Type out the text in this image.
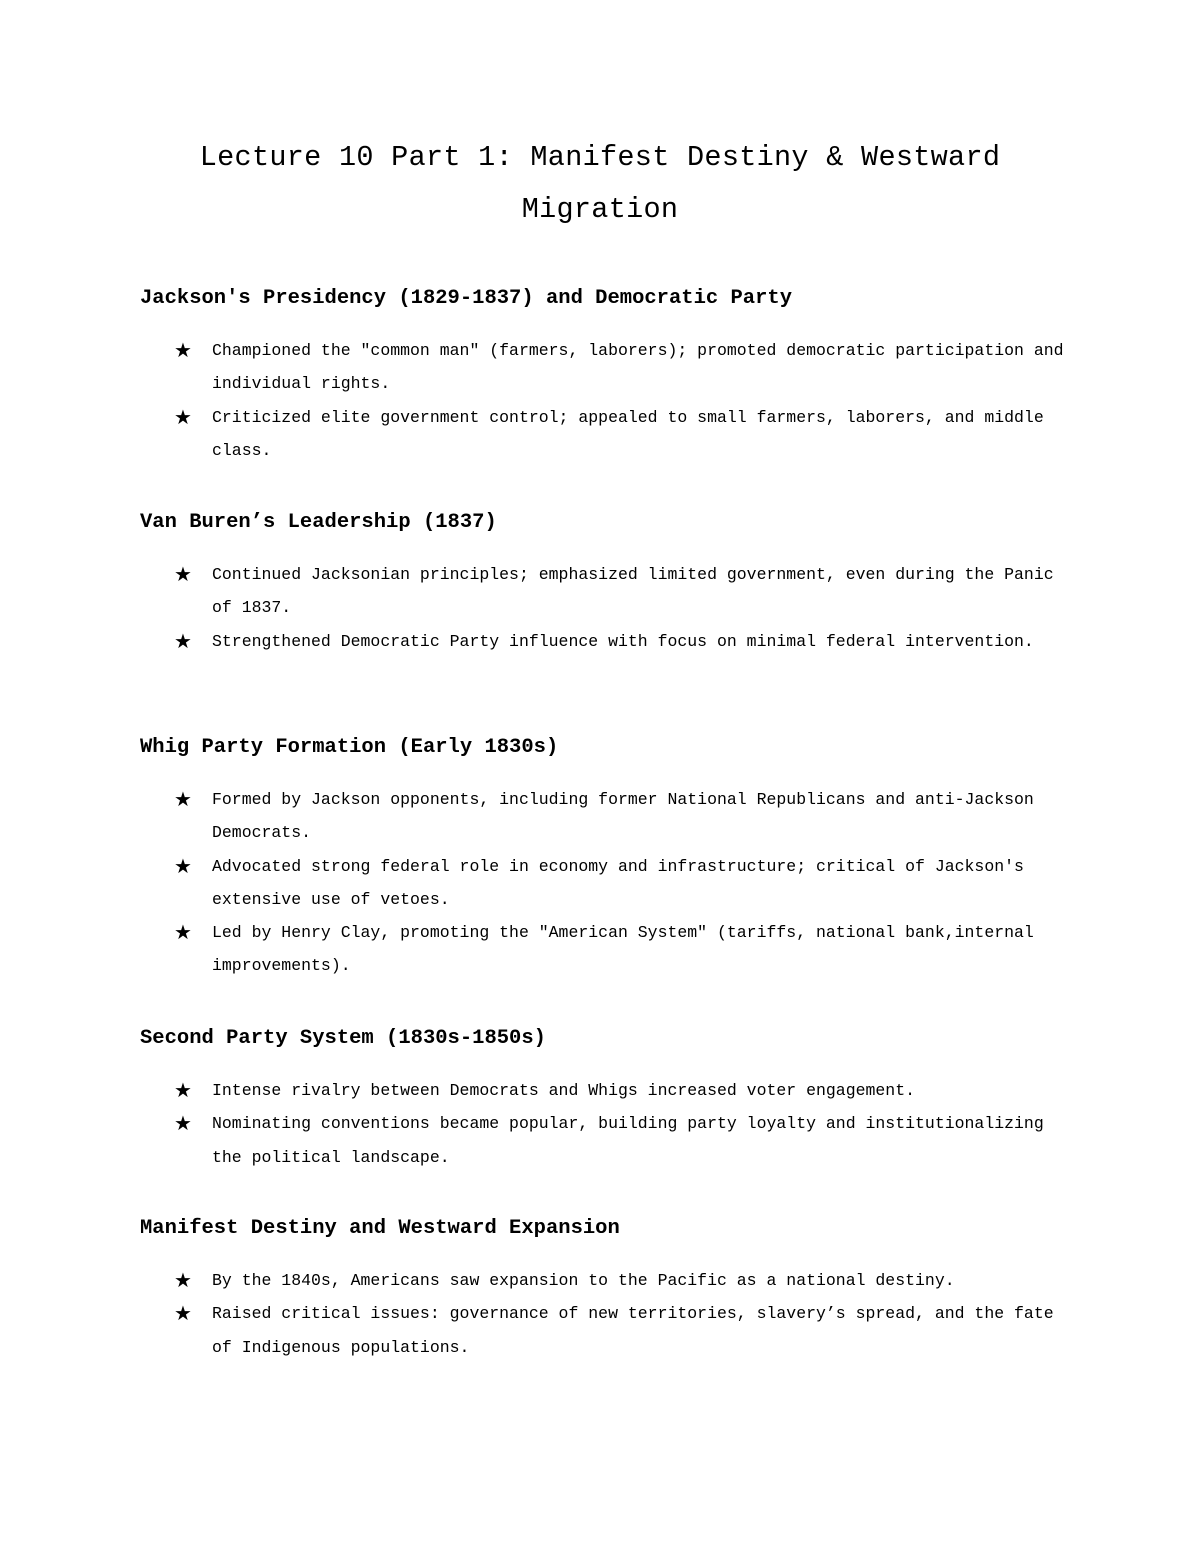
Lecture 10 Part 1: Manifest Destiny & Westward
Migration
Jackson's Presidency (1829-1837) and Democratic Party
★ Championed the "common man" (farmers, laborers); promoted democratic participation and individual rights.
★ Criticized elite government control; appealed to small farmers, laborers, and middle class.
Van Buren’s Leadership (1837)
★ Continued Jacksonian principles; emphasized limited government, even during the Panic of 1837.
★ Strengthened Democratic Party influence with focus on minimal federal intervention.
Whig Party Formation (Early 1830s)
★ Formed by Jackson opponents, including former National Republicans and anti-Jackson Democrats.
★ Advocated strong federal role in economy and infrastructure; critical of Jackson's extensive use of vetoes.
★ Led by Henry Clay, promoting the "American System" (tariffs, national bank,internal improvements).
Second Party System (1830s-1850s)
★ Intense rivalry between Democrats and Whigs increased voter engagement.
★ Nominating conventions became popular, building party loyalty and institutionalizing the political landscape.
Manifest Destiny and Westward Expansion
★ By the 1840s, Americans saw expansion to the Pacific as a national destiny.
★ Raised critical issues: governance of new territories, slavery’s spread, and the fate of Indigenous populations.
